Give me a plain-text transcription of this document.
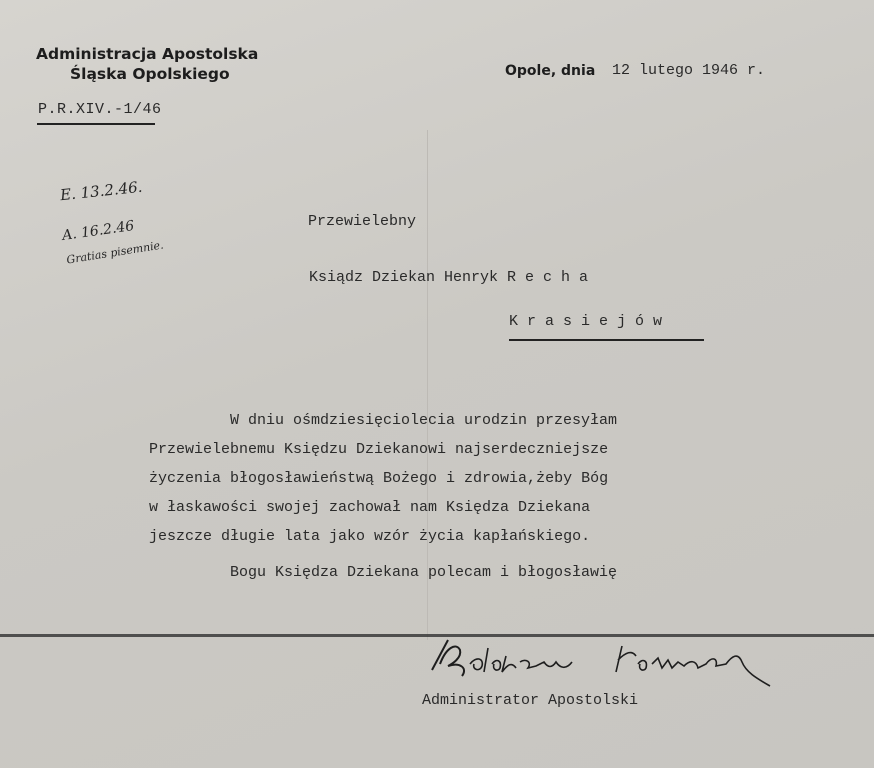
Administracja Apostolska
Śląska Opolskiego	Opole, dnia 12 lutego 1946 r.
P.R.XIV.-1/46
E. 13.2.46.
A. 16.2.46
Gratias pisemnie.
Przewielebny
Ksiądz Dziekan Henryk R e c h a
K r a s i e j ó w
W dniu ośmdziesięciolecia urodzin przesyłam
Przewielebnemu Księdzu Dziekanowi najserdeczniejsze
życzenia błogosławieństwą Bożego i zdrowia,żeby Bóg
w łaskawości swojej zachował nam Księdza Dziekana
jeszcze długie lata jako wzór życia kapłańskiego.
Bogu Księdza Dziekana polecam i błogosławię
Administrator Apostolski
